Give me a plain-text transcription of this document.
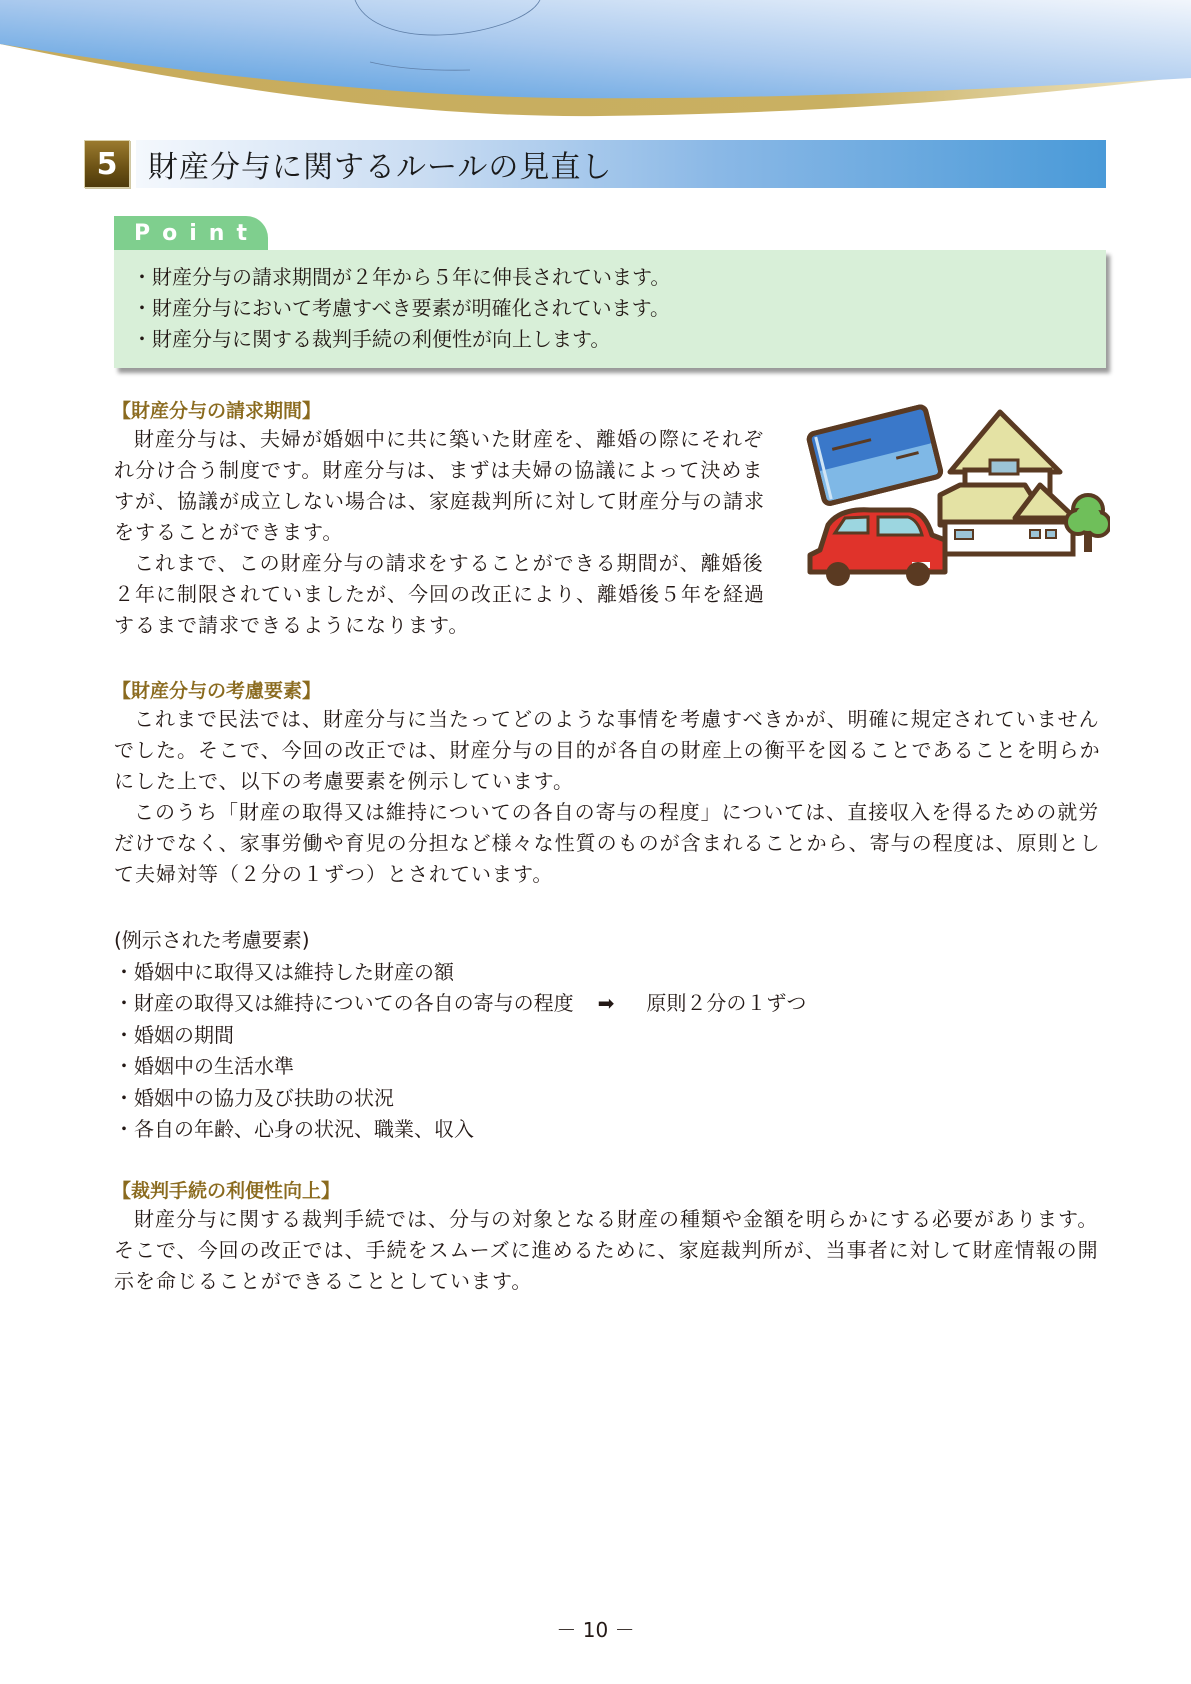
5	財産分与に関するルールの見直し
Point
・財産分与の請求期間が２年から５年に伸長されています。
・財産分与において考慮すべき要素が明確化されています。
・財産分与に関する裁判手続の利便性が向上します。
【財産分与の請求期間】

財産分与は、夫婦が婚姻中に共に築いた財産を、離婚の際にそれぞれ分け合う制度です。財産分与は、まずは夫婦の協議によって決めますが、協議が成立しない場合は、家庭裁判所に対して財産分与の請求をすることができます。

これまで、この財産分与の請求をすることができる期間が、離婚後２年に制限されていましたが、今回の改正により、離婚後５年を経過するまで請求できるようになります。

【財産分与の考慮要素】

これまで民法では、財産分与に当たってどのような事情を考慮すべきかが、明確に規定されていませんでした。そこで、今回の改正では、財産分与の目的が各自の財産上の衡平を図ることであることを明らかにした上で、以下の考慮要素を例示しています。

このうち「財産の取得又は維持についての各自の寄与の程度」については、直接収入を得るための就労だけでなく、家事労働や育児の分担など様々な性質のものが含まれることから、寄与の程度は、原則として夫婦対等（２分の１ずつ）とされています。

(例示された考慮要素)
・婚姻中に取得又は維持した財産の額
・財産の取得又は維持についての各自の寄与の程度 ➡ 原則２分の１ずつ
・婚姻の期間
・婚姻中の生活水準
・婚姻中の協力及び扶助の状況
・各自の年齢、心身の状況、職業、収入
【裁判手続の利便性向上】

財産分与に関する裁判手続では、分与の対象となる財産の種類や金額を明らかにする必要があります。そこで、今回の改正では、手続をスムーズに進めるために、家庭裁判所が、当事者に対して財産情報の開示を命じることができることとしています。

－ 10 －
